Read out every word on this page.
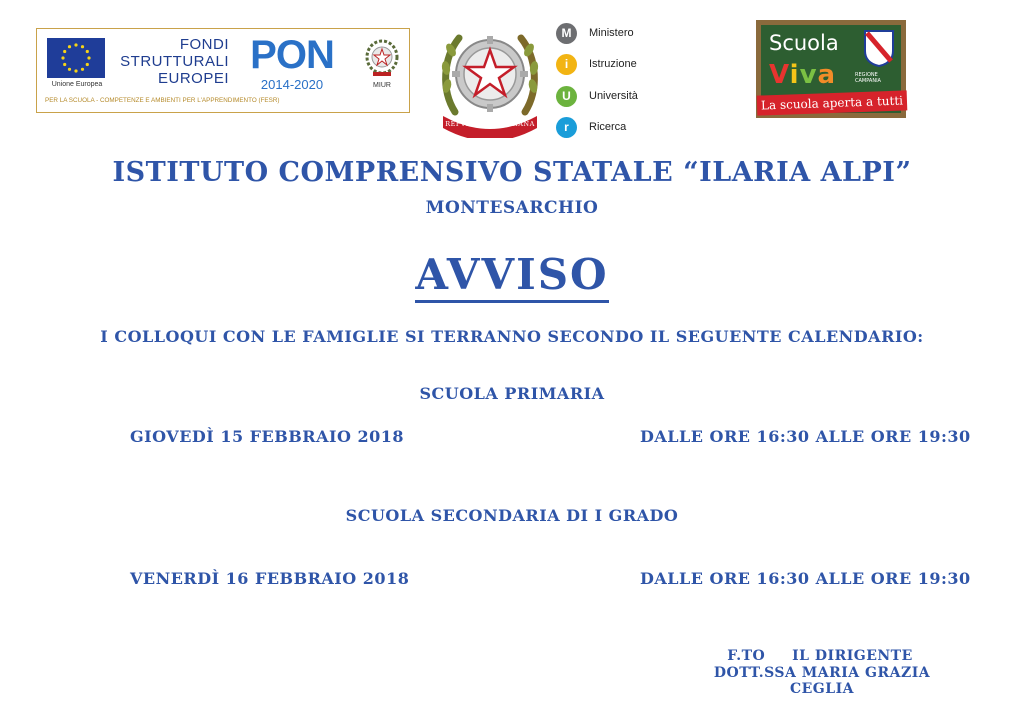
Unione Europea
FONDI
STRUTTURALI
EUROPEI
PON
2014-2020	MIUR
PER LA SCUOLA - COMPETENZE E AMBIENTI PER L'APPRENDIMENTO (FESR)
REPVBBLICA ITALIANA
M	Ministero
i	Istruzione
U	Università
r	Ricerca
Scuola
Viva	REGIONE CAMPANIA
La scuola aperta a tutti
ISTITUTO COMPRENSIVO STATALE “ILARIA ALPI”
MONTESARCHIO
AVVISO
I COLLOQUI CON LE FAMIGLIE SI TERRANNO SECONDO IL SEGUENTE CALENDARIO:
SCUOLA PRIMARIA
GIOVEDÌ 15 FEBBRAIO 2018	DALLE ORE 16:30 ALLE ORE 19:30
SCUOLA SECONDARIA DI I GRADO
VENERDÌ 16 FEBBRAIO 2018	DALLE ORE 16:30 ALLE ORE 19:30
F.TO     IL DIRIGENTE
DOTT.SSA MARIA GRAZIA CEGLIA
